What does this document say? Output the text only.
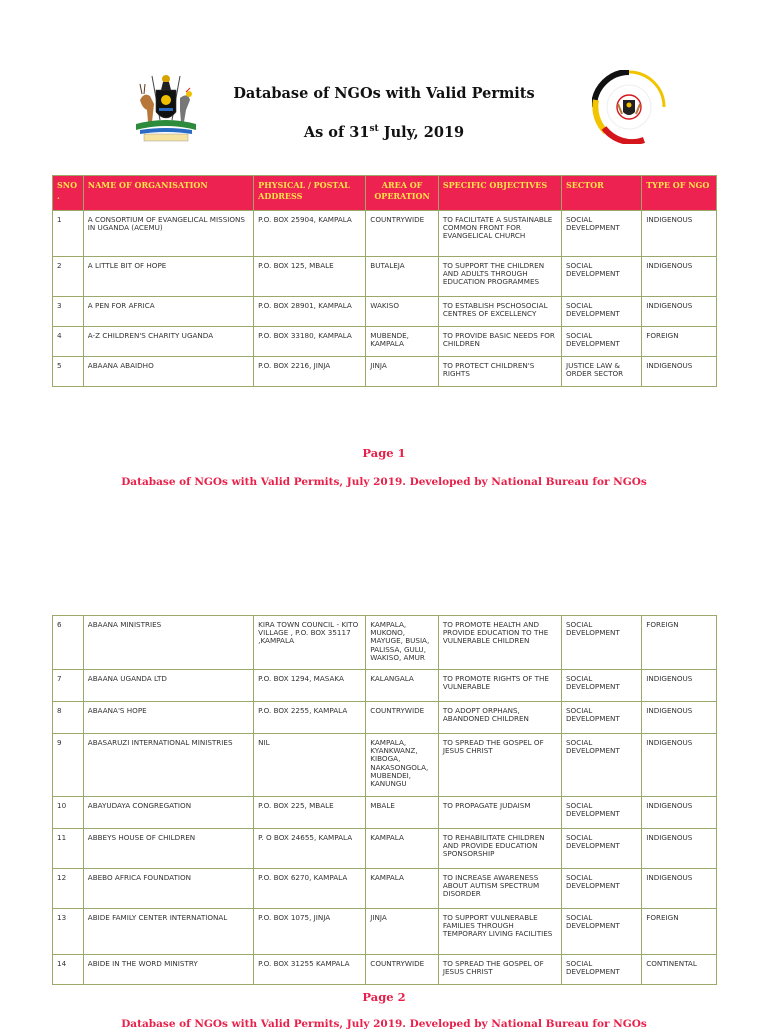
Database of NGOs with Valid Permits
As of 31st July, 2019
SNO.	NAME OF ORGANISATION	PHYSICAL / POSTAL ADDRESS	AREA OF OPERATION	SPECIFIC OBJECTIVES	SECTOR	TYPE OF NGO
1	A CONSORTIUM OF EVANGELICAL MISSIONS IN UGANDA (ACEMU)	P.O. BOX 25904, KAMPALA	COUNTRYWIDE	TO FACILITATE A SUSTAINABLE COMMON FRONT FOR EVANGELICAL CHURCH	SOCIAL DEVELOPMENT	INDIGENOUS
2	A LITTLE BIT OF HOPE	P.O. BOX 125, MBALE	BUTALEJA	TO SUPPORT THE CHILDREN AND ADULTS THROUGH EDUCATION PROGRAMMES	SOCIAL DEVELOPMENT	INDIGENOUS
3	A PEN FOR AFRICA	P.O. BOX 28901, KAMPALA	WAKISO	TO ESTABLISH PSCHOSOCIAL CENTRES OF EXCELLENCY	SOCIAL DEVELOPMENT	INDIGENOUS
4	A-Z CHILDREN'S CHARITY UGANDA	P.O. BOX 33180, KAMPALA	MUBENDE, KAMPALA	TO PROVIDE BASIC NEEDS FOR CHILDREN	SOCIAL DEVELOPMENT	FOREIGN
5	ABAANA ABAIDHO	P.O. BOX 2216, JINJA	JINJA	TO PROTECT CHILDREN'S RIGHTS	JUSTICE LAW & ORDER SECTOR	INDIGENOUS
Page 1
Database of NGOs with Valid Permits, July 2019. Developed by National Bureau for NGOs
6	ABAANA MINISTRIES	KIRA TOWN COUNCIL - KITO VILLAGE , P.O. BOX 35117 ,KAMPALA	KAMPALA, MUKONO, MAYUGE, BUSIA, PALISSA, GULU, WAKISO, AMUR	TO PROMOTE HEALTH AND PROVIDE EDUCATION TO THE VULNERABLE CHILDREN	SOCIAL DEVELOPMENT	FOREIGN
7	ABAANA UGANDA LTD	P.O. BOX 1294, MASAKA	KALANGALA	TO PROMOTE RIGHTS OF THE VULNERABLE	SOCIAL DEVELOPMENT	INDIGENOUS
8	ABAANA'S HOPE	P.O. BOX 2255, KAMPALA	COUNTRYWIDE	TO ADOPT ORPHANS, ABANDONED CHILDREN	SOCIAL DEVELOPMENT	INDIGENOUS
9	ABASARUZI INTERNATIONAL MINISTRIES	NIL	KAMPALA, KYANKWANZ, KIBOGA, NAKASONGOLA, MUBENDEI, KANUNGU	TO SPREAD THE GOSPEL OF JESUS CHRIST	SOCIAL DEVELOPMENT	INDIGENOUS
10	ABAYUDAYA CONGREGATION	P.O. BOX 225, MBALE	MBALE	TO PROPAGATE JUDAISM	SOCIAL DEVELOPMENT	INDIGENOUS
11	ABBEYS HOUSE OF CHILDREN	P. O BOX 24655, KAMPALA	KAMPALA	TO REHABILITATE CHILDREN AND PROVIDE EDUCATION SPONSORSHIP	SOCIAL DEVELOPMENT	INDIGENOUS
12	ABEBO AFRICA FOUNDATION	P.O. BOX 6270, KAMPALA	KAMPALA	TO INCREASE AWARENESS ABOUT AUTISM SPECTRUM DISORDER	SOCIAL DEVELOPMENT	INDIGENOUS
13	ABIDE FAMILY CENTER INTERNATIONAL	P.O. BOX 1075, JINJA	JINJA	TO SUPPORT VULNERABLE FAMILIES THROUGH TEMPORARY LIVING FACILITIES	SOCIAL DEVELOPMENT	FOREIGN
14	ABIDE IN THE WORD MINISTRY	P.O. BOX 31255 KAMPALA	COUNTRYWIDE	TO SPREAD THE GOSPEL OF JESUS CHRIST	SOCIAL DEVELOPMENT	CONTINENTAL
Page 2
Database of NGOs with Valid Permits, July 2019. Developed by National Bureau for NGOs
